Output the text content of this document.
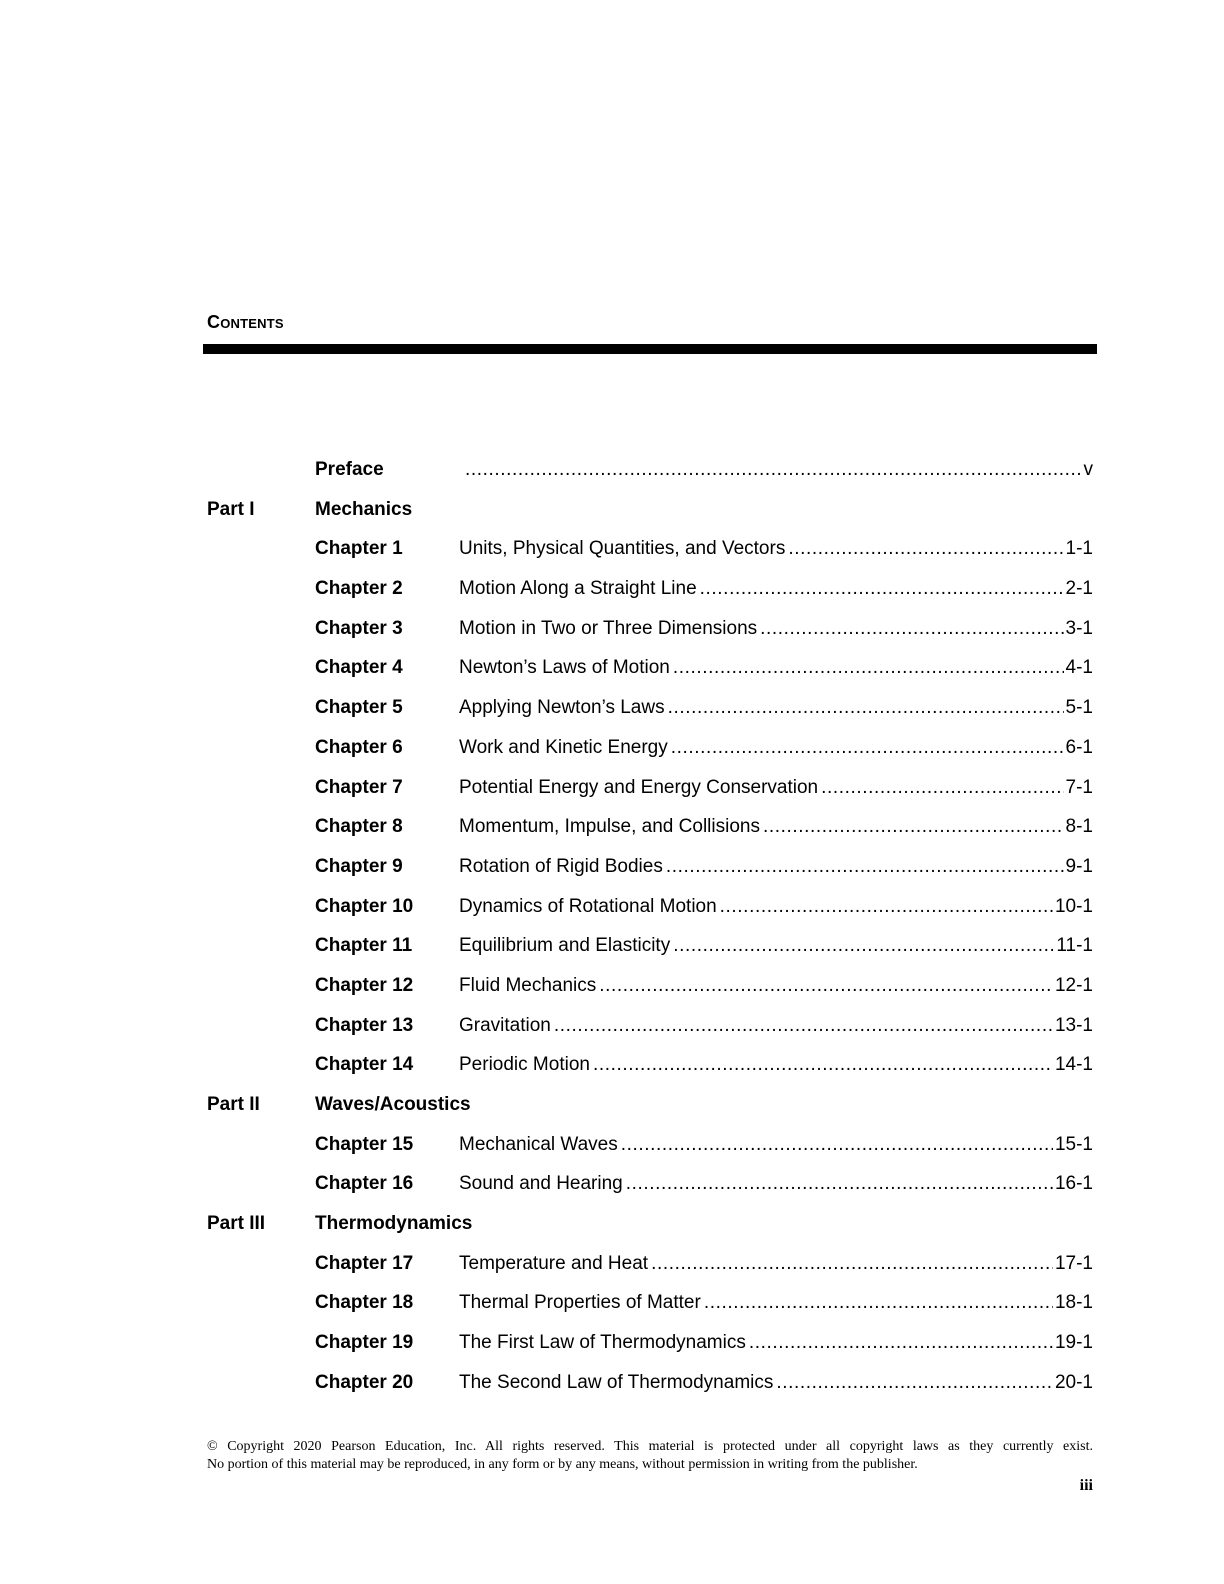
Contents
Preface .....	v
Part I	Mechanics
Chapter 1	Units, Physical Quantities, and Vectors .....	1-1
Chapter 2	Motion Along a Straight Line .....	2-1
Chapter 3	Motion in Two or Three Dimensions .....	3-1
Chapter 4	Newton’s Laws of Motion .....	4-1
Chapter 5	Applying Newton’s Laws .....	5-1
Chapter 6	Work and Kinetic Energy .....	6-1
Chapter 7	Potential Energy and Energy Conservation .....	7-1
Chapter 8	Momentum, Impulse, and Collisions .....	8-1
Chapter 9	Rotation of Rigid Bodies .....	9-1
Chapter 10 Dynamics of Rotational Motion .....	10-1
Chapter 11 Equilibrium and Elasticity .....	11-1
Chapter 12 Fluid Mechanics .....	12-1
Chapter 13 Gravitation .....	13-1
Chapter 14 Periodic Motion .....	14-1
Part II	Waves/Acoustics
Chapter 15 Mechanical Waves .....	15-1
Chapter 16 Sound and Hearing .....	16-1
Part III	Thermodynamics
Chapter 17 Temperature and Heat .....	17-1
Chapter 18 Thermal Properties of Matter .....	18-1
Chapter 19 The First Law of Thermodynamics .....	19-1
Chapter 20 The Second Law of Thermodynamics .....	20-1

© Copyright 2020 Pearson Education, Inc. All rights reserved. This material is protected under all copyright laws as they currently exist.

No portion of this material may be reproduced, in any form or by any means, without permission in writing from the publisher.

iii
